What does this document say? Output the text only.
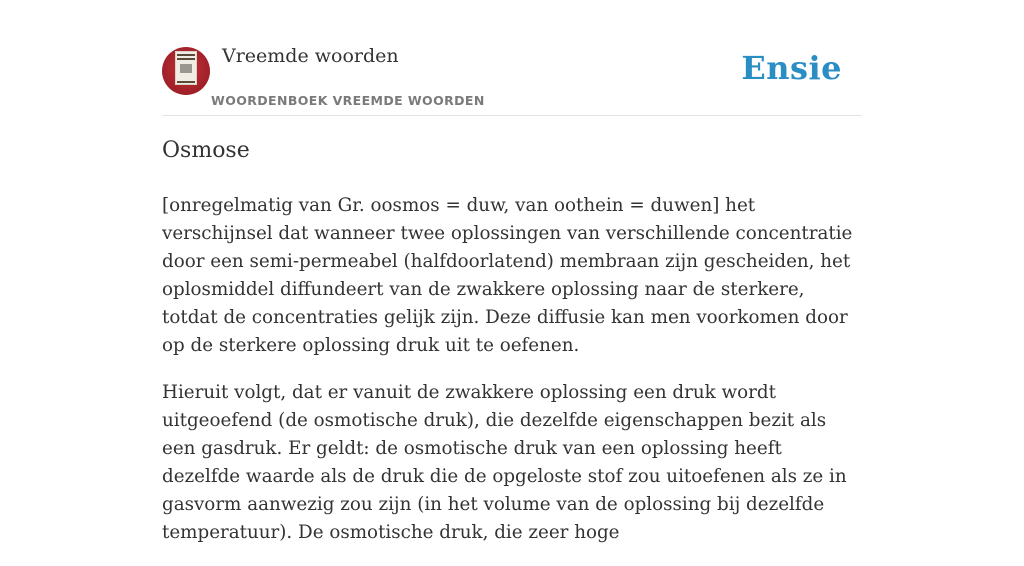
Vreemde woorden
WOORDENBOEK VREEMDE WOORDEN
Ensie
Osmose

[onregelmatig van Gr. oosmos = duw, van oothein = duwen] het verschijnsel dat wanneer twee oplossingen van verschillende concentratie door een semi-permeabel (halfdoorlatend) membraan zijn gescheiden, het oplosmiddel diffundeert van de zwakkere oplossing naar de sterkere, totdat de concentraties gelijk zijn. Deze diffusie kan men voorkomen door op de sterkere oplossing druk uit te oefenen.

Hieruit volgt, dat er vanuit de zwakkere oplossing een druk wordt uitgeoefend (de osmotische druk), die dezelfde eigenschappen bezit als een gasdruk. Er geldt: de osmotische druk van een oplossing heeft dezelfde waarde als de druk die de opgeloste stof zou uitoefenen als ze in gasvorm aanwezig zou zijn (in het volume van de oplossing bij dezelfde temperatuur). De osmotische druk, die zeer hoge
